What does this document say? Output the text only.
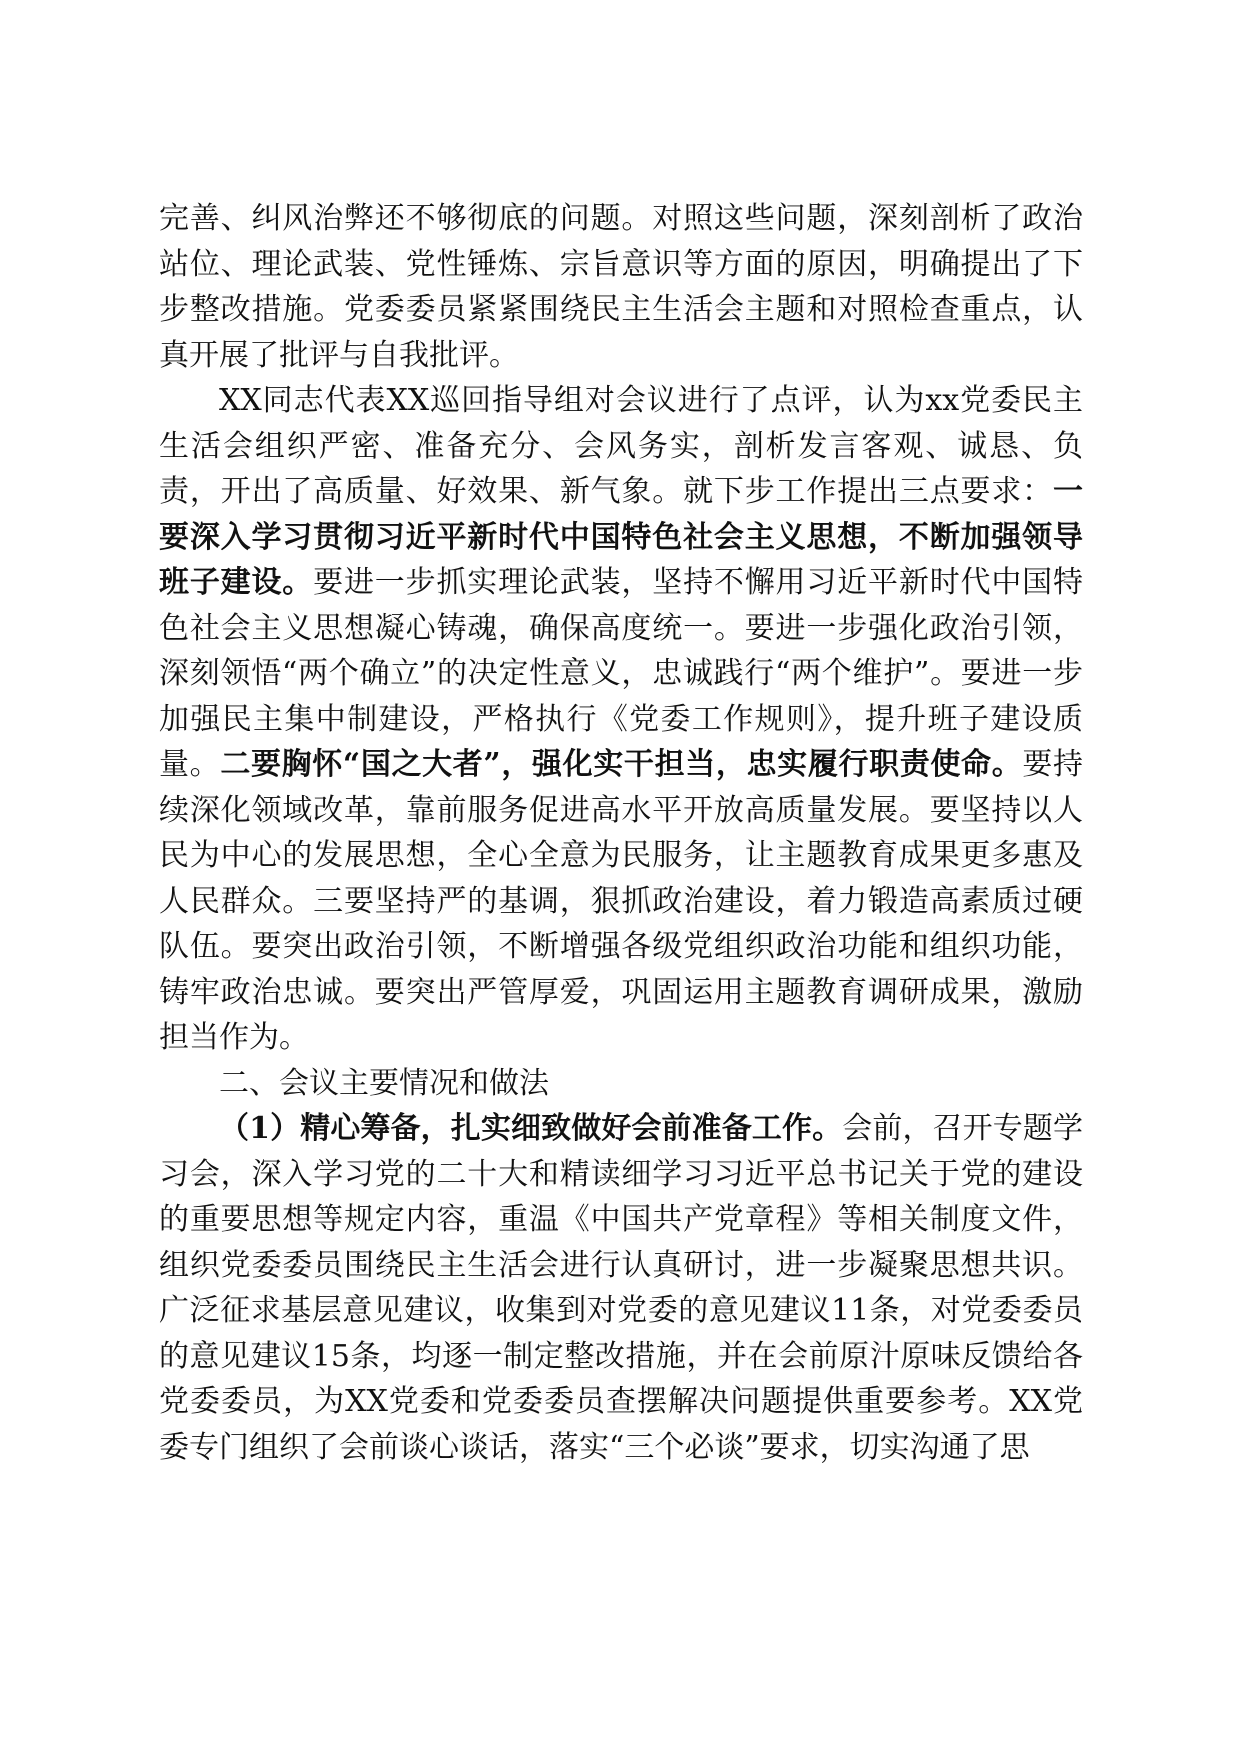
完善、纠风治弊还不够彻底的问题。对照这些问题，深刻剖析了政治站位、理论武装、党性锤炼、宗旨意识等方面的原因，明确提出了下步整改措施。党委委员紧紧围绕民主生活会主题和对照检查重点，认真开展了批评与自我批评。

XX同志代表XX巡回指导组对会议进行了点评，认为xx党委民主生活会组织严密、准备充分、会风务实，剖析发言客观、诚恳、负责，开出了高质量、好效果、新气象。就下步工作提出三点要求：一要深入学习贯彻习近平新时代中国特色社会主义思想，不断加强领导班子建设。要进一步抓实理论武装，坚持不懈用习近平新时代中国特色社会主义思想凝心铸魂，确保高度统一。要进一步强化政治引领，深刻领悟“两个确立”的决定性意义，忠诚践行“两个维护”。要进一步加强民主集中制建设，严格执行《党委工作规则》，提升班子建设质量。二要胸怀“国之大者”，强化实干担当，忠实履行职责使命。要持续深化领域改革，靠前服务促进高水平开放高质量发展。要坚持以人民为中心的发展思想，全心全意为民服务，让主题教育成果更多惠及人民群众。三要坚持严的基调，狠抓政治建设，着力锻造高素质过硬队伍。要突出政治引领，不断增强各级党组织政治功能和组织功能，铸牢政治忠诚。要突出严管厚爱，巩固运用主题教育调研成果，激励担当作为。

二、会议主要情况和做法

（1）精心筹备，扎实细致做好会前准备工作。会前，召开专题学习会，深入学习党的二十大和精读细学习习近平总书记关于党的建设的重要思想等规定内容，重温《中国共产党章程》等相关制度文件，组织党委委员围绕民主生活会进行认真研讨，进一步凝聚思想共识。广泛征求基层意见建议，收集到对党委的意见建议11条，对党委委员的意见建议15条，均逐一制定整改措施，并在会前原汁原味反馈给各党委委员，为XX党委和党委委员查摆解决问题提供重要参考。XX党委专门组织了会前谈心谈话，落实“三个必谈”要求，切实沟通了思
